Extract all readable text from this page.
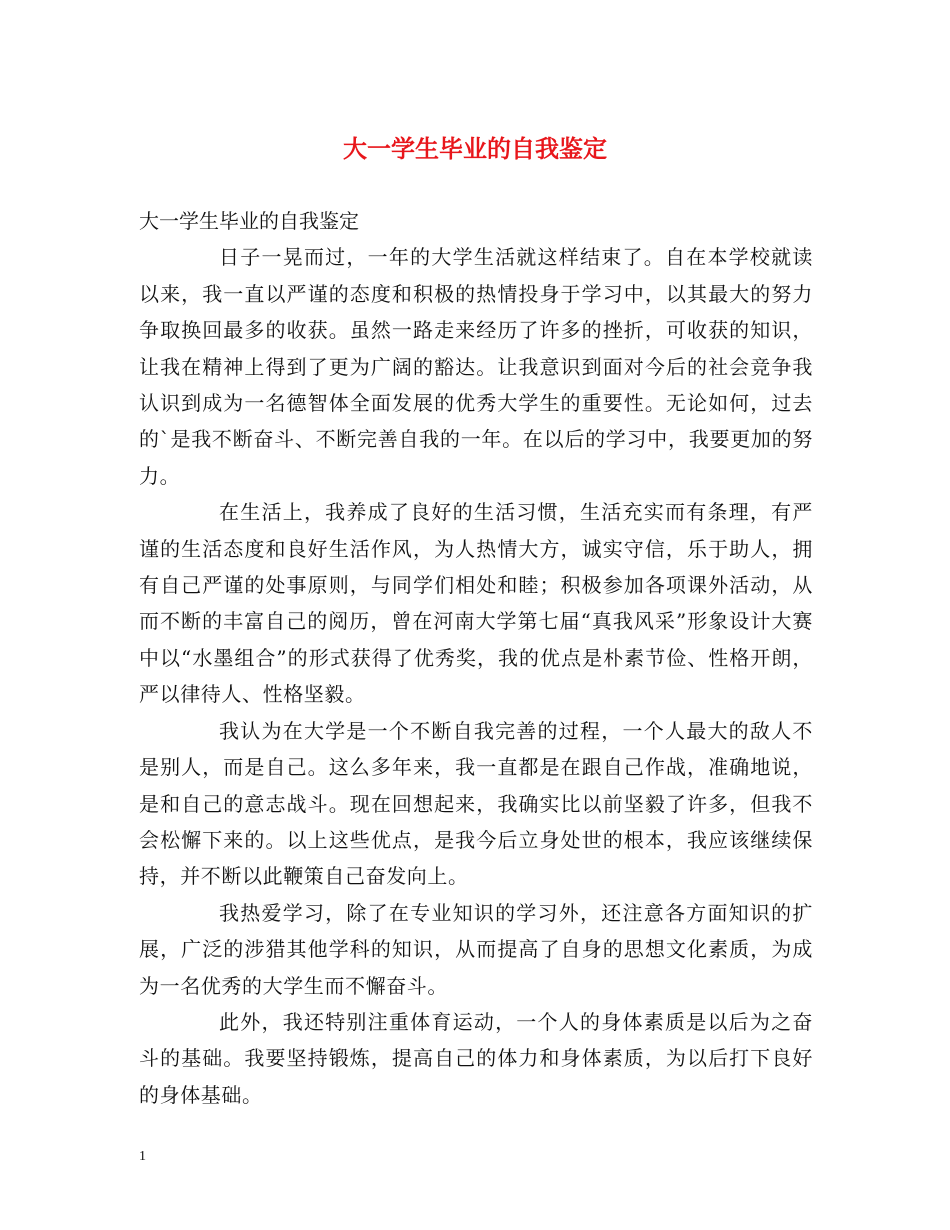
大一学生毕业的自我鉴定

大一学生毕业的自我鉴定

日子一晃而过，一年的大学生活就这样结束了。自在本学校就读以来，我一直以严谨的态度和积极的热情投身于学习中，以其最大的努力争取换回最多的收获。虽然一路走来经历了许多的挫折，可收获的知识，让我在精神上得到了更为广阔的豁达。让我意识到面对今后的社会竞争我认识到成为一名德智体全面发展的优秀大学生的重要性。无论如何，过去的`是我不断奋斗、不断完善自我的一年。在以后的学习中，我要更加的努力。

在生活上，我养成了良好的生活习惯，生活充实而有条理，有严谨的生活态度和良好生活作风，为人热情大方，诚实守信，乐于助人，拥有自己严谨的处事原则，与同学们相处和睦；积极参加各项课外活动，从而不断的丰富自己的阅历，曾在河南大学第七届“真我风采”形象设计大赛中以“水墨组合”的形式获得了优秀奖，我的优点是朴素节俭、性格开朗，严以律待人、性格坚毅。

我认为在大学是一个不断自我完善的过程，一个人最大的敌人不是别人，而是自己。这么多年来，我一直都是在跟自己作战，准确地说，是和自己的意志战斗。现在回想起来，我确实比以前坚毅了许多，但我不会松懈下来的。以上这些优点，是我今后立身处世的根本，我应该继续保持，并不断以此鞭策自己奋发向上。

我热爱学习，除了在专业知识的学习外，还注意各方面知识的扩展，广泛的涉猎其他学科的知识，从而提高了自身的思想文化素质，为成为一名优秀的大学生而不懈奋斗。

此外，我还特别注重体育运动，一个人的身体素质是以后为之奋斗的基础。我要坚持锻炼，提高自己的体力和身体素质，为以后打下良好的身体基础。

1
